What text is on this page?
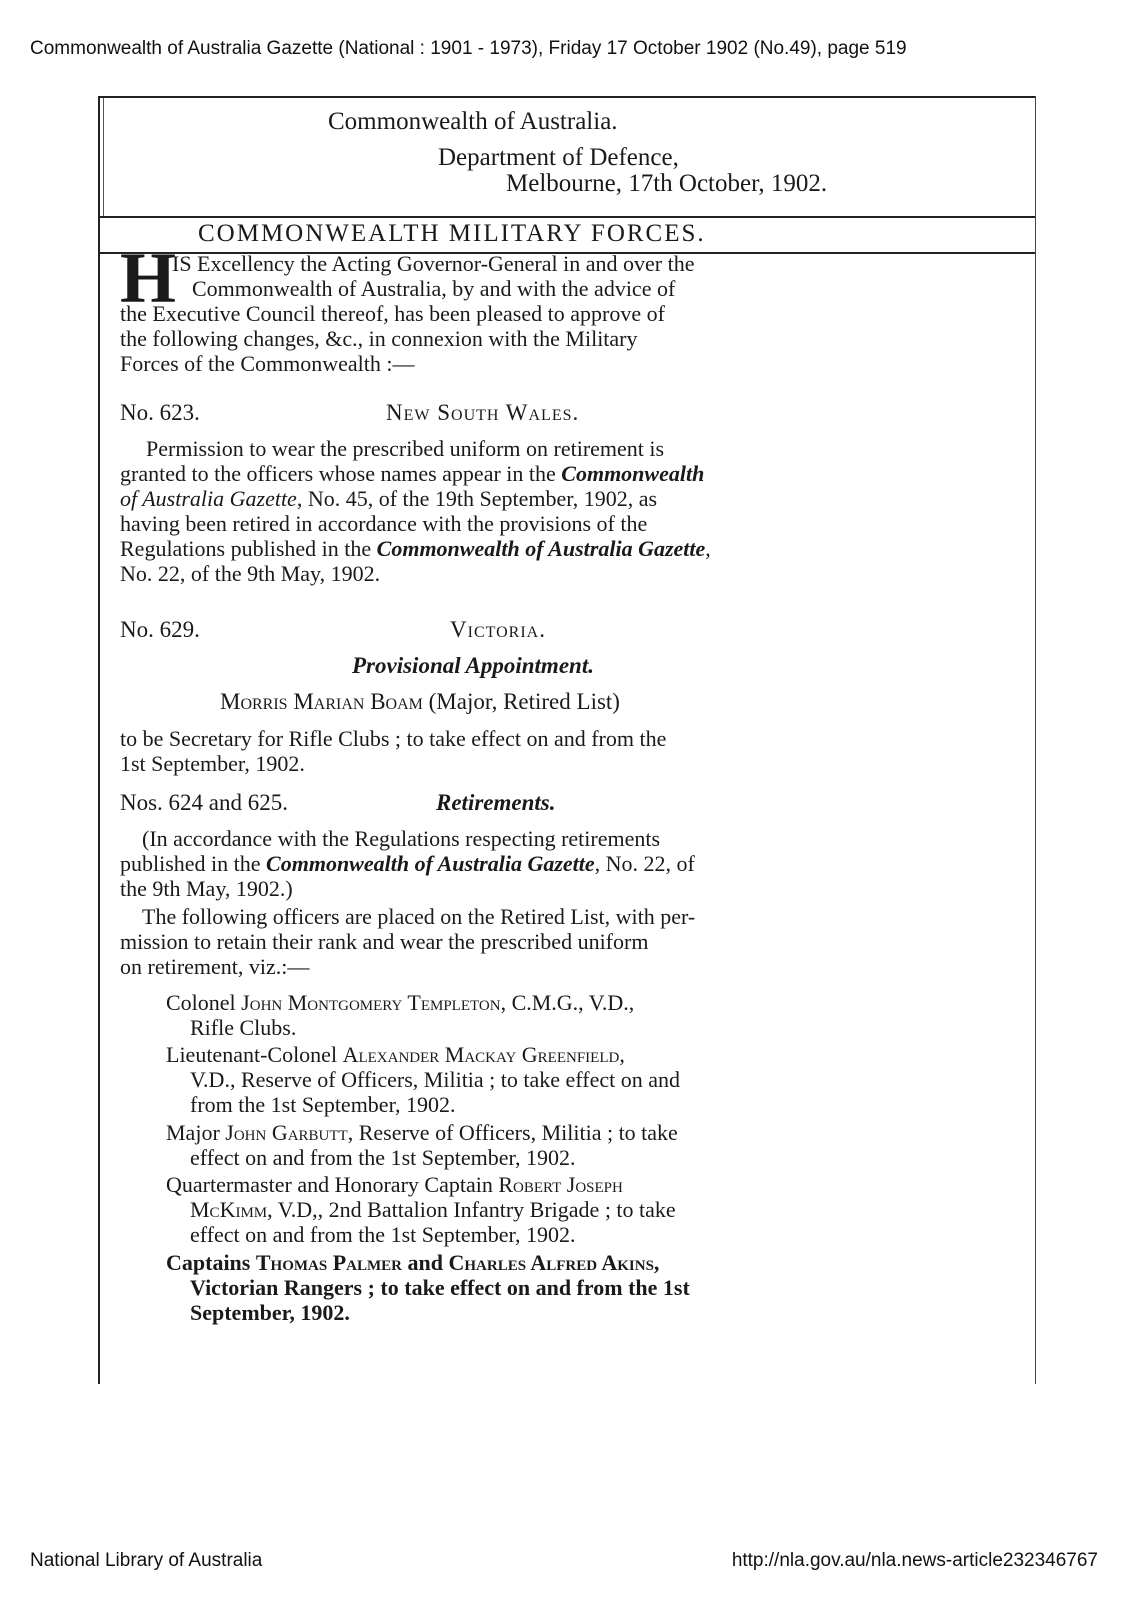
Commonwealth of Australia Gazette (National : 1901 - 1973), Friday 17 October 1902 (No.49), page 519
Commonwealth of Australia.
Department of Defence,
Melbourne, 17th October, 1902.
COMMONWEALTH MILITARY FORCES.
H
IS Excellency the Acting Governor-General in and over the
Commonwealth of Australia, by and with the advice of
the Executive Council thereof, has been pleased to approve of
the following changes, &c., in connexion with the Military
Forces of the Commonwealth :—
No. 623.	New South Wales.
Permission to wear the prescribed uniform on retirement is
granted to the officers whose names appear in the Commonwealth
of Australia Gazette, No. 45, of the 19th September, 1902, as
having been retired in accordance with the provisions of the
Regulations published in the Commonwealth of Australia Gazette,
No. 22, of the 9th May, 1902.
No. 629.	Victoria.
Provisional Appointment.
Morris Marian Boam (Major, Retired List)
to be Secretary for Rifle Clubs ; to take effect on and from the
1st September, 1902.
Nos. 624 and 625.	Retirements.
(In accordance with the Regulations respecting retirements
published in the Commonwealth of Australia Gazette, No. 22, of
the 9th May, 1902.)
The following officers are placed on the Retired List, with per-
mission to retain their rank and wear the prescribed uniform
on retirement, viz.:—
Colonel John Montgomery Templeton, C.M.G., V.D.,
Rifle Clubs.
Lieutenant-Colonel Alexander Mackay Greenfield,
V.D., Reserve of Officers, Militia ; to take effect on and
from the 1st September, 1902.
Major John Garbutt, Reserve of Officers, Militia ; to take
effect on and from the 1st September, 1902.
Quartermaster and Honorary Captain Robert Joseph
McKimm, V.D,, 2nd Battalion Infantry Brigade ; to take
effect on and from the 1st September, 1902.
Captains Thomas Palmer and Charles Alfred Akins,
Victorian Rangers ; to take effect on and from the 1st
September, 1902.
National Library of Australia	http://nla.gov.au/nla.news-article232346767
